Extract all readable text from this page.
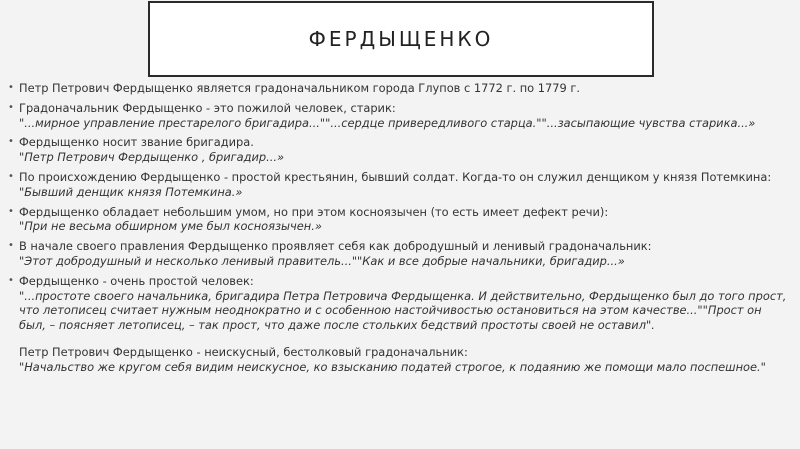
ФЕРДЫЩЕНКО
• Петр Петрович Фердыщенко является градоначальником города Глупов с 1772 г. по 1779 г.
• Градоначальник Фердыщенко - это пожилой человек, старик:
"...мирное управление престарелого бригадира...""...сердце привередливого старца.""...засыпающие чувства старика...»
• Фердыщенко носит звание бригадира.
"Петр Петрович Фердыщенко , бригадир...»
• По происхождению Фердыщенко - простой крестьянин, бывший солдат. Когда-то он служил денщиком у князя Потемкина:
"Бывший денщик князя Потемкина.»
• Фердыщенко обладает небольшим умом, но при этом косноязычен (то есть имеет дефект речи):
"При не весьма обширном уме был косноязычен.»
• В начале своего правления Фердыщенко проявляет себя как добродушный и ленивый градоначальник:
"Этот добродушный и несколько ленивый правитель...""Как и все добрые начальники, бригадир...»
• Фердыщенко - очень простой человек:
"...простоте своего начальника, бригадира Петра Петровича Фердыщенка. И действительно, Фердыщенко был до того прост, что летописец считает нужным неоднократно и с особенною настойчивостью остановиться на этом качестве...""Прост он был, – поясняет летописец, – так прост, что даже после стольких бедствий простоты своей не оставил".
Петр Петрович Фердыщенко - неискусный, бестолковый градоначальник:
"Начальство же кругом себя видим неискусное, ко взысканию податей строгое, к подаянию же помощи мало поспешное."
